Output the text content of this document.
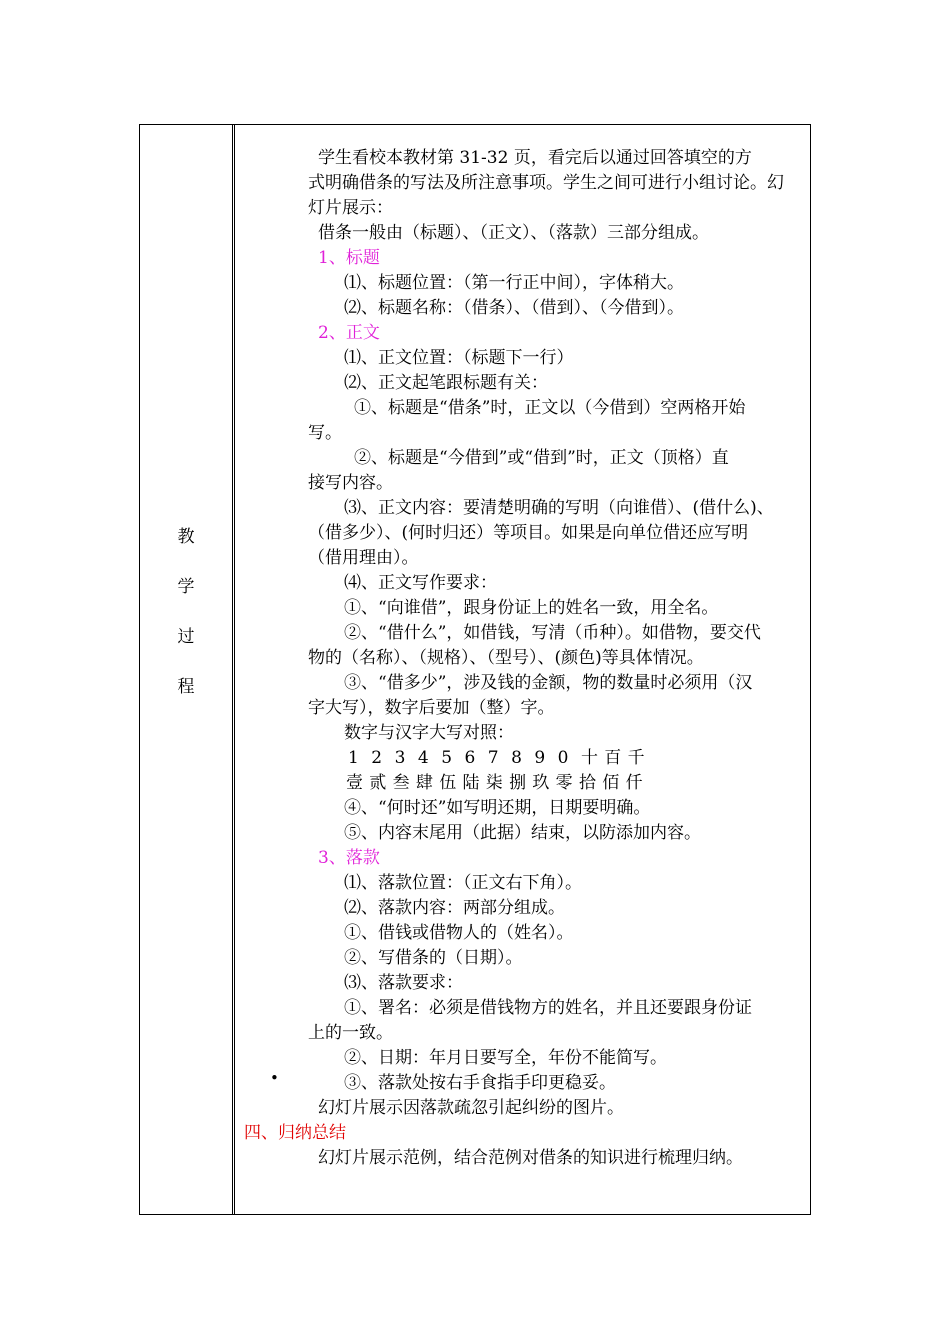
教
学
过
程
学生看校本教材第 31-32 页，看完后以通过回答填空的方
式明确借条的写法及所注意事项。学生之间可进行小组讨论。幻
灯片展示：
借条一般由（标题）、（正文）、（落款）三部分组成。
1、标题
⑴、标题位置：（第一行正中间），字体稍大。
⑵、标题名称：（借条）、（借到）、（今借到）。
2、正文
⑴、正文位置：（标题下一行）
⑵、正文起笔跟标题有关：
①、标题是“借条”时，正文以（今借到）空两格开始
写。
②、标题是“今借到”或“借到”时，正文（顶格）直
接写内容。
⑶、正文内容：要清楚明确的写明（向谁借）、(借什么)、
（借多少）、(何时归还）等项目。如果是向单位借还应写明
（借用理由）。
⑷、正文写作要求：
①、“向谁借”，跟身份证上的姓名一致，用全名。
②、“借什么”，如借钱，写清（币种）。如借物，要交代
物的（名称）、（规格）、（型号）、(颜色)等具体情况。
③、“借多少”，涉及钱的金额，物的数量时必须用（汉
字大写），数字后要加（整）字。
数字与汉字大写对照：
1 2 3 4 5 6 7 8 9 0 十 百 千
壹 贰 叁 肆 伍 陆 柒 捌 玖 零 拾 佰 仟
④、“何时还”如写明还期，日期要明确。
⑤、内容末尾用（此据）结束，以防添加内容。
3、落款
⑴、落款位置：（正文右下角）。
⑵、落款内容：两部分组成。
①、借钱或借物人的（姓名）。
②、写借条的（日期）。
⑶、落款要求：
①、署名：必须是借钱物方的姓名，并且还要跟身份证
上的一致。
②、日期：年月日要写全，年份不能简写。
③、落款处按右手食指手印更稳妥。
幻灯片展示因落款疏忽引起纠纷的图片。
四、归纳总结
幻灯片展示范例，结合范例对借条的知识进行梳理归纳。
•
